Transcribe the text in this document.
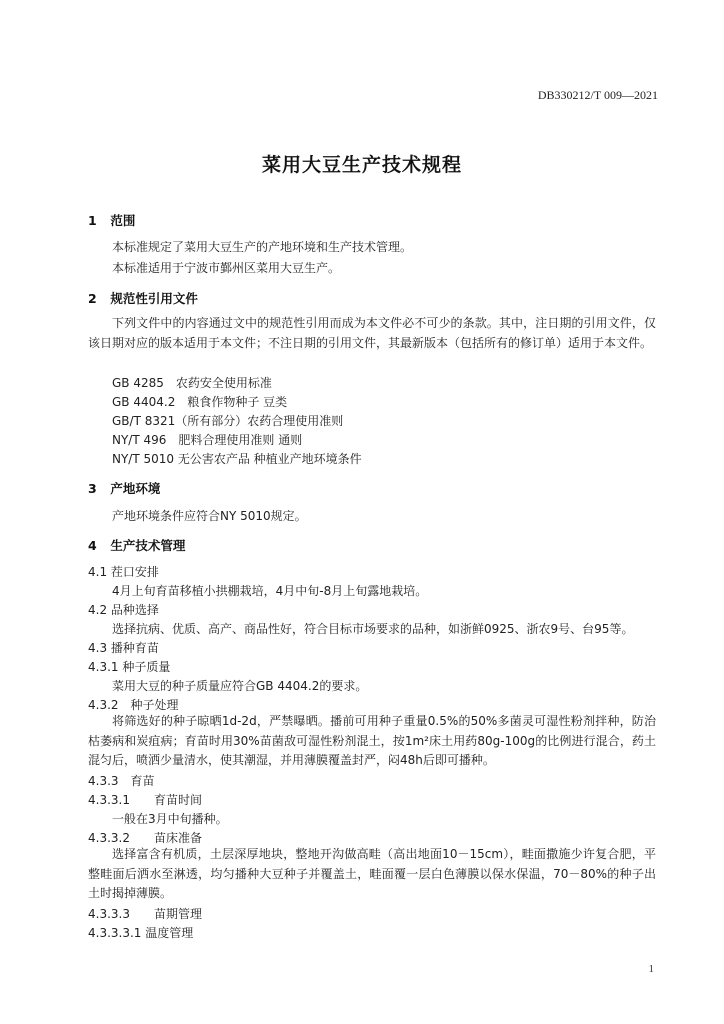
DB330212/T 009—2021
菜用大豆生产技术规程
1 范围
本标准规定了菜用大豆生产的产地环境和生产技术管理。
本标准适用于宁波市鄞州区菜用大豆生产。
2 规范性引用文件
下列文件中的内容通过文中的规范性引用而成为本文件必不可少的条款。其中，注日期的引用文件，仅该日期对应的版本适用于本文件；不注日期的引用文件，其最新版本（包括所有的修订单）适用于本文件。
GB 4285　农药安全使用标准
GB 4404.2　粮食作物种子 豆类
GB/T 8321（所有部分）农药合理使用准则
NY/T 496　肥料合理使用准则 通则
NY/T 5010 无公害农产品 种植业产地环境条件
3 产地环境
产地环境条件应符合NY 5010规定。
4 生产技术管理
4.1 茬口安排
4月上旬育苗移植小拱棚栽培，4月中旬-8月上旬露地栽培。
4.2 品种选择
选择抗病、优质、高产、商品性好，符合目标市场要求的品种，如浙鲜0925、浙农9号、台95等。
4.3 播种育苗
4.3.1 种子质量
菜用大豆的种子质量应符合GB 4404.2的要求。
4.3.2　种子处理
将筛选好的种子晾晒1d-2d，严禁曝晒。播前可用种子重量0.5%的50%多菌灵可湿性粉剂拌种，防治枯萎病和炭疽病；育苗时用30%苗菌敌可湿性粉剂混土，按1m²床土用药80g-100g的比例进行混合，药土混匀后，喷洒少量清水，使其潮湿，并用薄膜覆盖封严，闷48h后即可播种。
4.3.3　育苗
4.3.3.1　　育苗时间
一般在3月中旬播种。
4.3.3.2　　苗床准备
选择富含有机质，土层深厚地块，整地开沟做高畦（高出地面10－15cm），畦面撒施少许复合肥，平整畦面后洒水至淋透，均匀播种大豆种子并覆盖土，畦面覆一层白色薄膜以保水保温，70－80%的种子出土时揭掉薄膜。
4.3.3.3　　苗期管理
4.3.3.3.1 温度管理
1
